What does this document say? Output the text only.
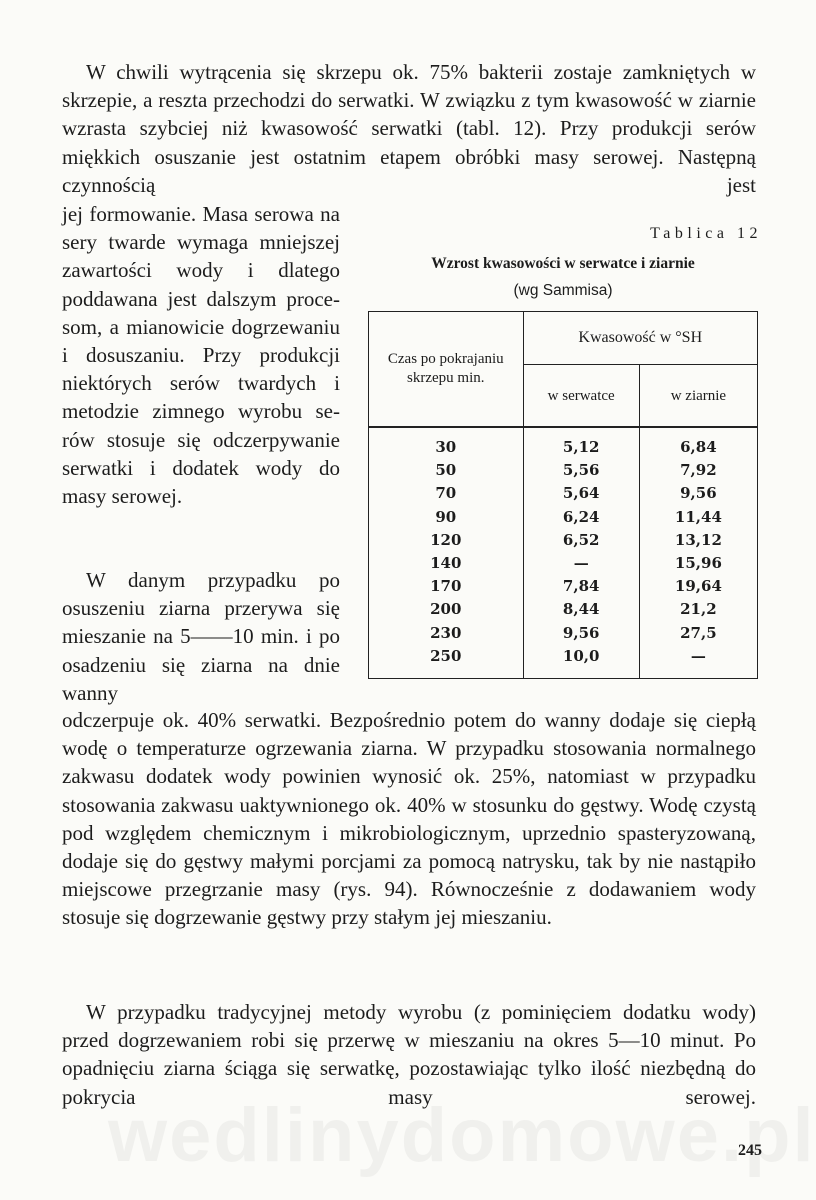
W chwili wytrącenia się skrzepu ok. 75% bakterii zostaje zamkniętych w skrzepie, a reszta przechodzi do serwatki. W związku z tym kwasowość w ziarnie wzrasta szybciej niż kwasowość serwatki (tabl. 12). Przy produkcji serów miękkich osuszanie jest ostatnim etapem obróbki masy serowej. Następną czynnością jest
jej formowanie. Masa serowa na sery twarde wymaga mniejszej zawartości wody i dlatego poddawana jest dalszym procesom, a mianowicie dogrzewaniu i dosuszaniu. Przy produkcji niektórych serów twardych i metodzie zimnego wyrobu serów stosuje się odczerpywanie serwatki i dodatek wody do masy serowej.
W danym przypadku po osuszeniu ziarna przerywa się mieszanie na 5——10 min. i po osadzeniu się ziarna na dnie wanny
odczerpuje ok. 40% serwatki. Bezpośrednio potem do wanny dodaje się ciepłą wodę o temperaturze ogrzewania ziarna. W przypadku stosowania normalnego zakwasu dodatek wody powinien wynosić ok. 25%, natomiast w przypadku stosowania zakwasu uaktywnionego ok. 40% w stosunku do gęstwy. Wodę czystą pod względem chemicznym i mikrobiologicznym, uprzednio spasteryzowaną, dodaje się do gęstwy małymi porcjami za pomocą natrysku, tak by nie nastąpiło miejscowe przegrzanie masy (rys. 94). Równocześnie z dodawaniem wody stosuje się dogrzewanie gęstwy przy stałym jej mieszaniu.
W przypadku tradycyjnej metody wyrobu (z pominięciem dodatku wody) przed dogrzewaniem robi się przerwę w mieszaniu na okres 5—10 minut. Po opadnięciu ziarna ściąga się serwatkę, pozostawiając tylko ilość niezbędną do pokrycia masy serowej.
Tablica 12
Wzrost kwasowości w serwatce i ziarnie
(wg Sammisa)
Czas po pokrajaniu skrzepu min.	Kwasowość w °SH	
	w serwatce	w ziarnie
30	5,12	6,84
50	5,56	7,92
70	5,64	9,56
90	6,24	11,44
120	6,52	13,12
140	—	15,96
170	7,84	19,64
200	8,44	21,2
230	9,56	27,5
250	10,0	—
245
